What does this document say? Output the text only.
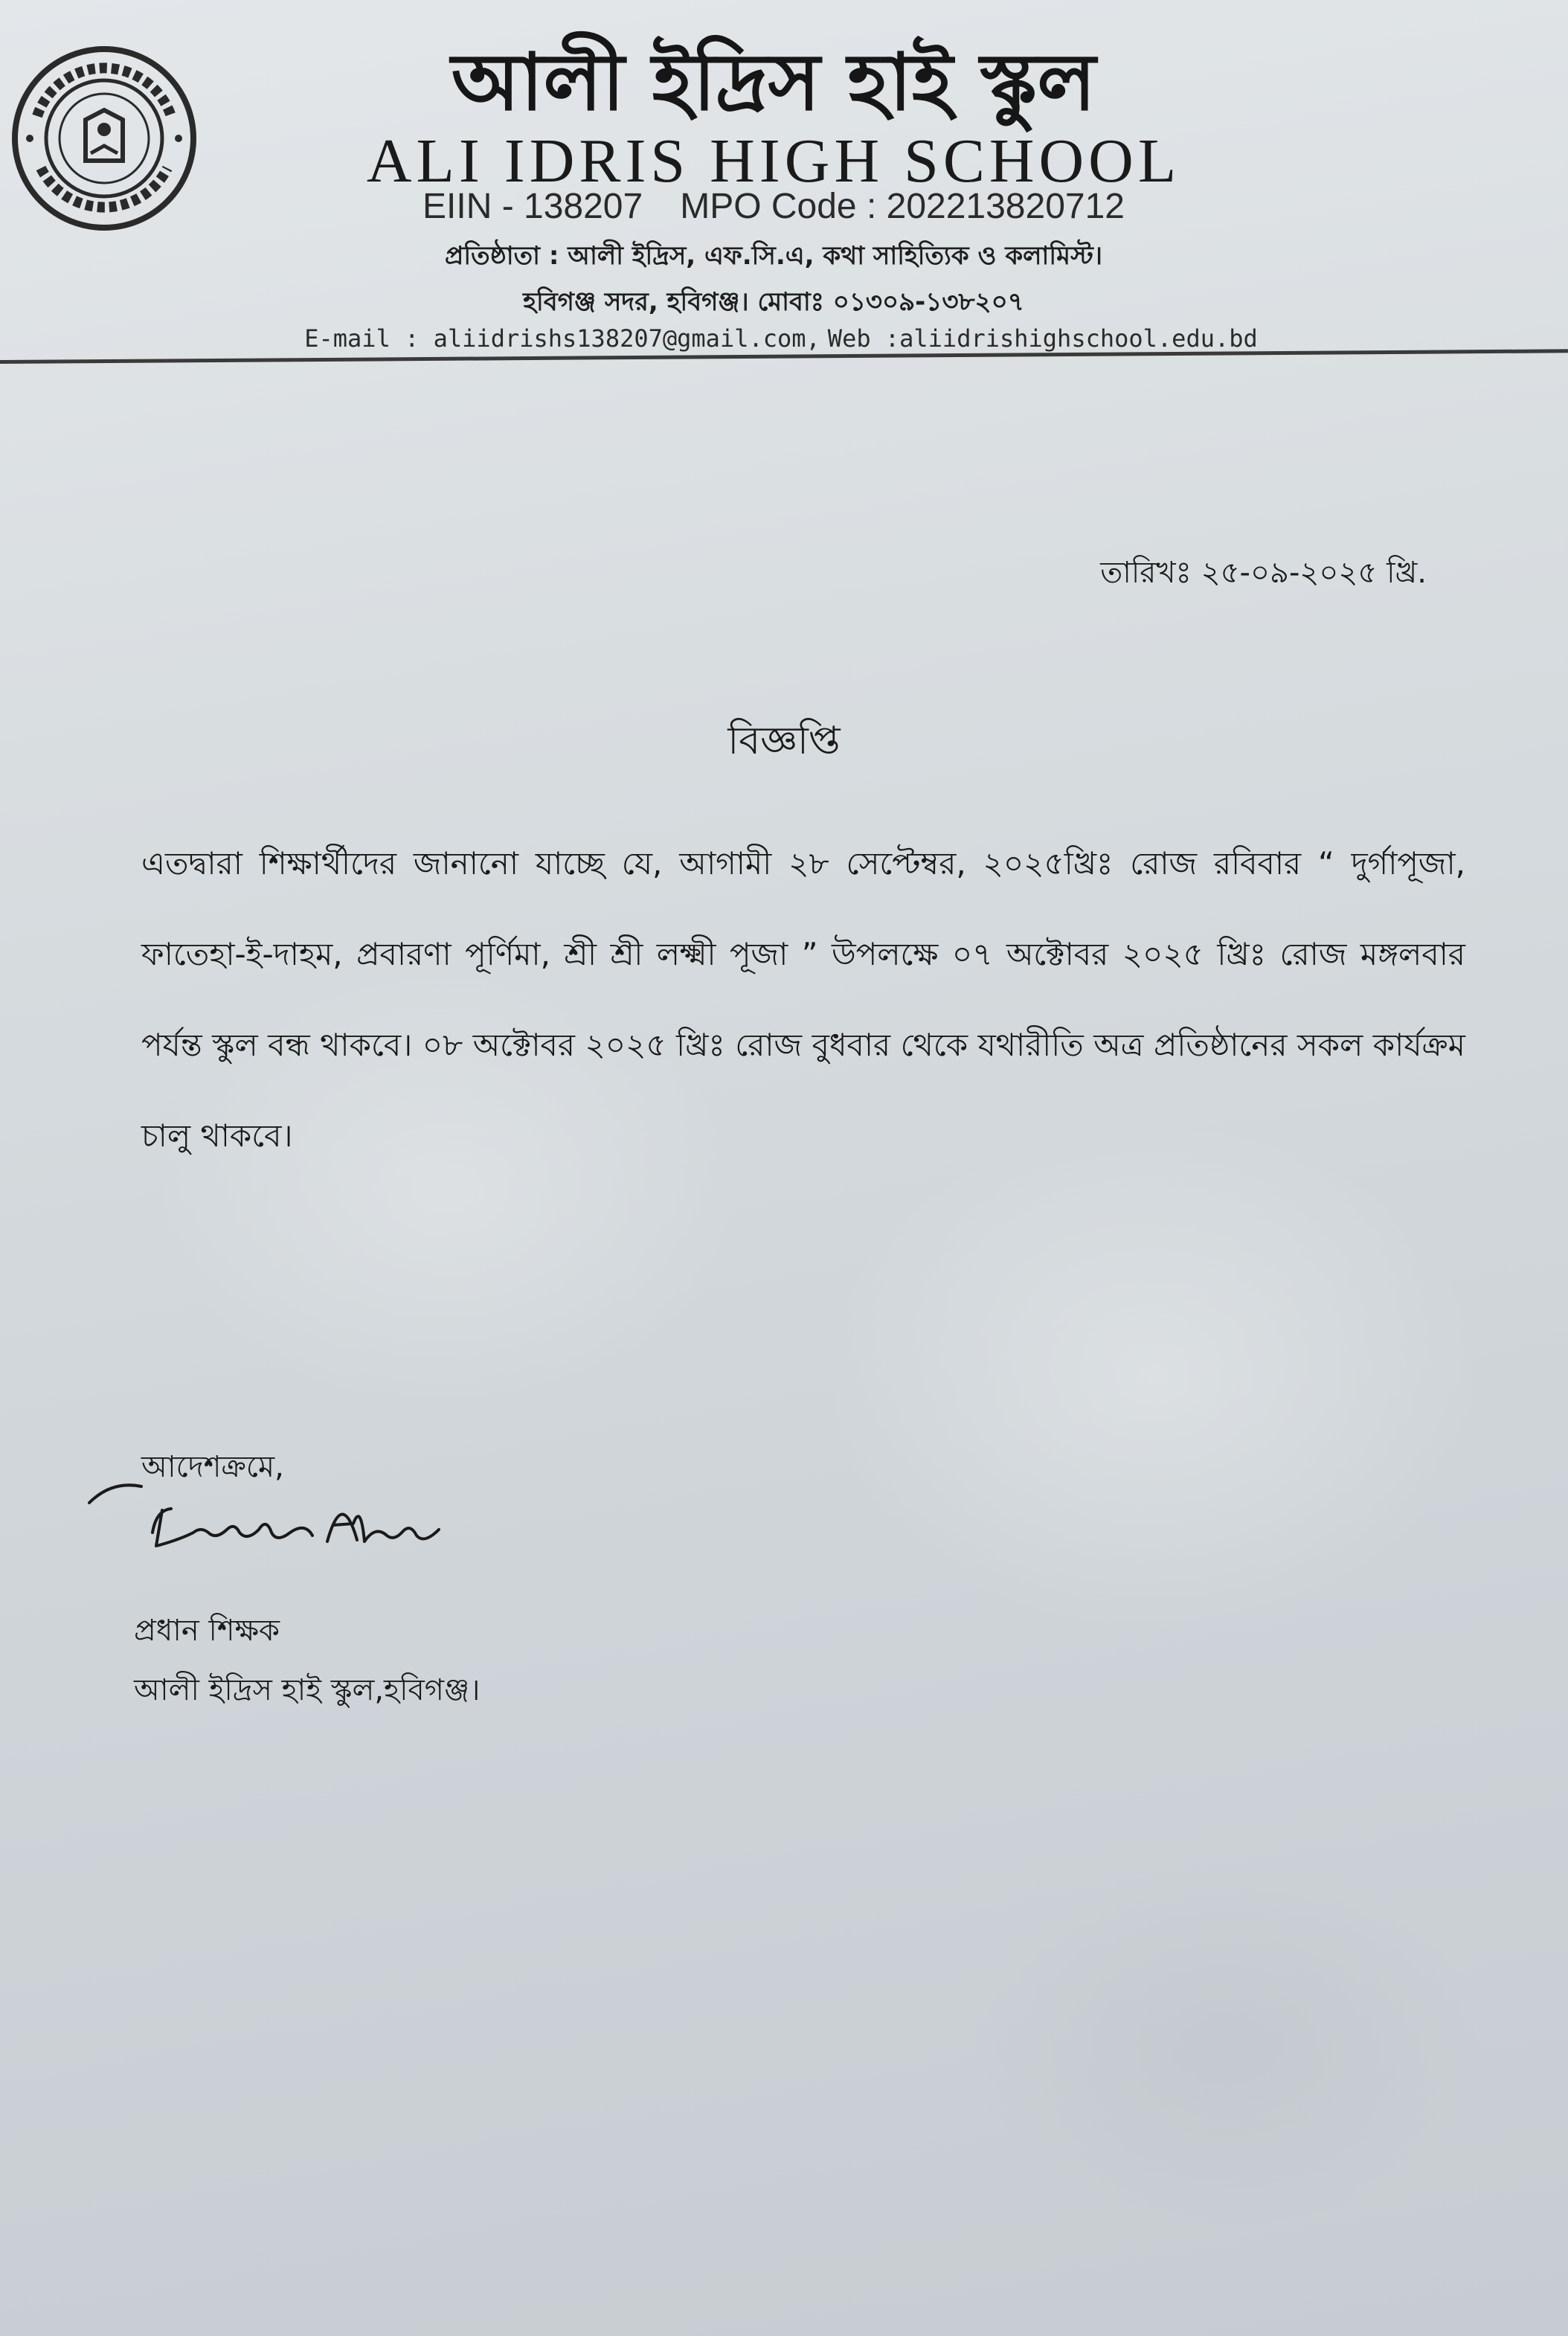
আলী ইদ্রিস হাই স্কুল
ALI IDRIS HIGH SCHOOL
EIIN - 138207 MPO Code : 202213820712
প্রতিষ্ঠাতা : আলী ইদ্রিস, এফ.সি.এ, কথা সাহিত্যিক ও কলামিস্ট।
হবিগঞ্জ সদর, হবিগঞ্জ। মোবাঃ ০১৩০৯-১৩৮২০৭
E-mail : aliidrishs138207@gmail.com, Web :aliidrishighschool.edu.bd
তারিখঃ ২৫-০৯-২০২৫ খ্রি.
বিজ্ঞপ্তি
এতদ্বারা শিক্ষার্থীদের জানানো যাচ্ছে যে, আগামী ২৮ সেপ্টেম্বর, ২০২৫খ্রিঃ রোজ রবিবার “ দুর্গাপূজা, ফাতেহা-ই-দাহম, প্রবারণা পূর্ণিমা, শ্রী শ্রী লক্ষ্মী পূজা ” উপলক্ষে ০৭ অক্টোবর ২০২৫ খ্রিঃ রোজ মঙ্গলবার পর্যন্ত স্কুল বন্ধ থাকবে। ০৮ অক্টোবর ২০২৫ খ্রিঃ রোজ বুধবার থেকে যথারীতি অত্র প্রতিষ্ঠানের সকল কার্যক্রম চালু থাকবে।
আদেশক্রমে,
প্রধান শিক্ষক
আলী ইদ্রিস হাই স্কুল,হবিগঞ্জ।
